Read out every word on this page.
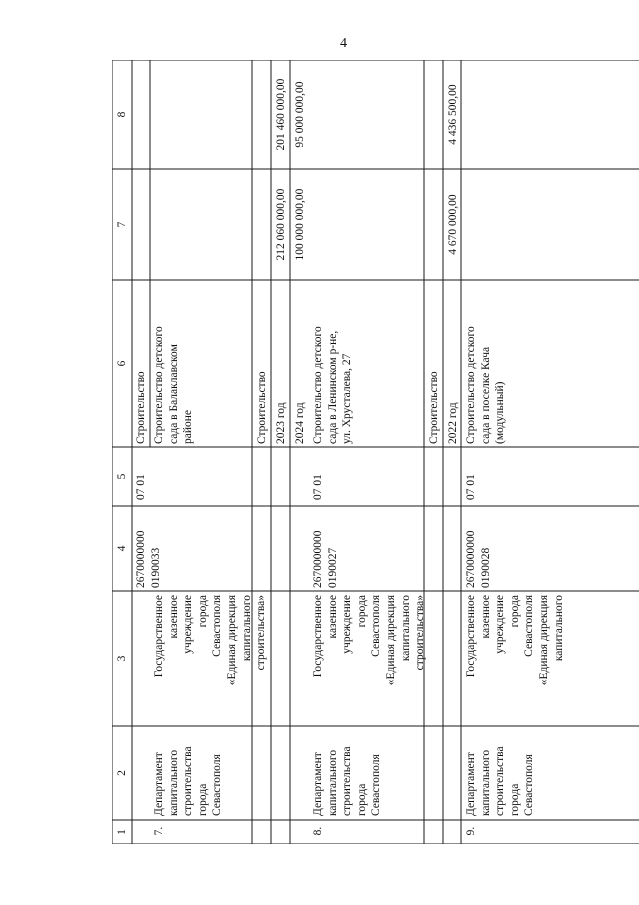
4
1
2
3
4
5
6
7
8
Строительство
7.
Департамент
капитального
строительства
города
Севастополя
Государственное
казенное
учреждение
города
Севастополя
«Единая дирекция
капитального
строительства»
2670000000
0190033
07 01
Строительство детского
сада в Балаклавском
районе	Строительство 2023 год
212 060 000,00
201 460 000,00
2024 год
100 000 000,00
95 000 000,00
8.
Департамент
капитального
строительства
города
Севастополя
Государственное
казенное
учреждение
города
Севастополя
«Единая дирекция
капитального
строительства»
2670000000
0190027
07 01
Строительство детского
сада в Ленинском р-не,
ул. Хрусталева, 27
Строительство 2022 год
4 670 000,00
4 436 500,00
9.
Департамент
капитального
строительства
города
Севастополя
Государственное
казенное
учреждение
города
Севастополя
«Единая дирекция
капитального
2670000000
0190028
07 01
Строительство детского
сада в поселке Кача
(модульный)
